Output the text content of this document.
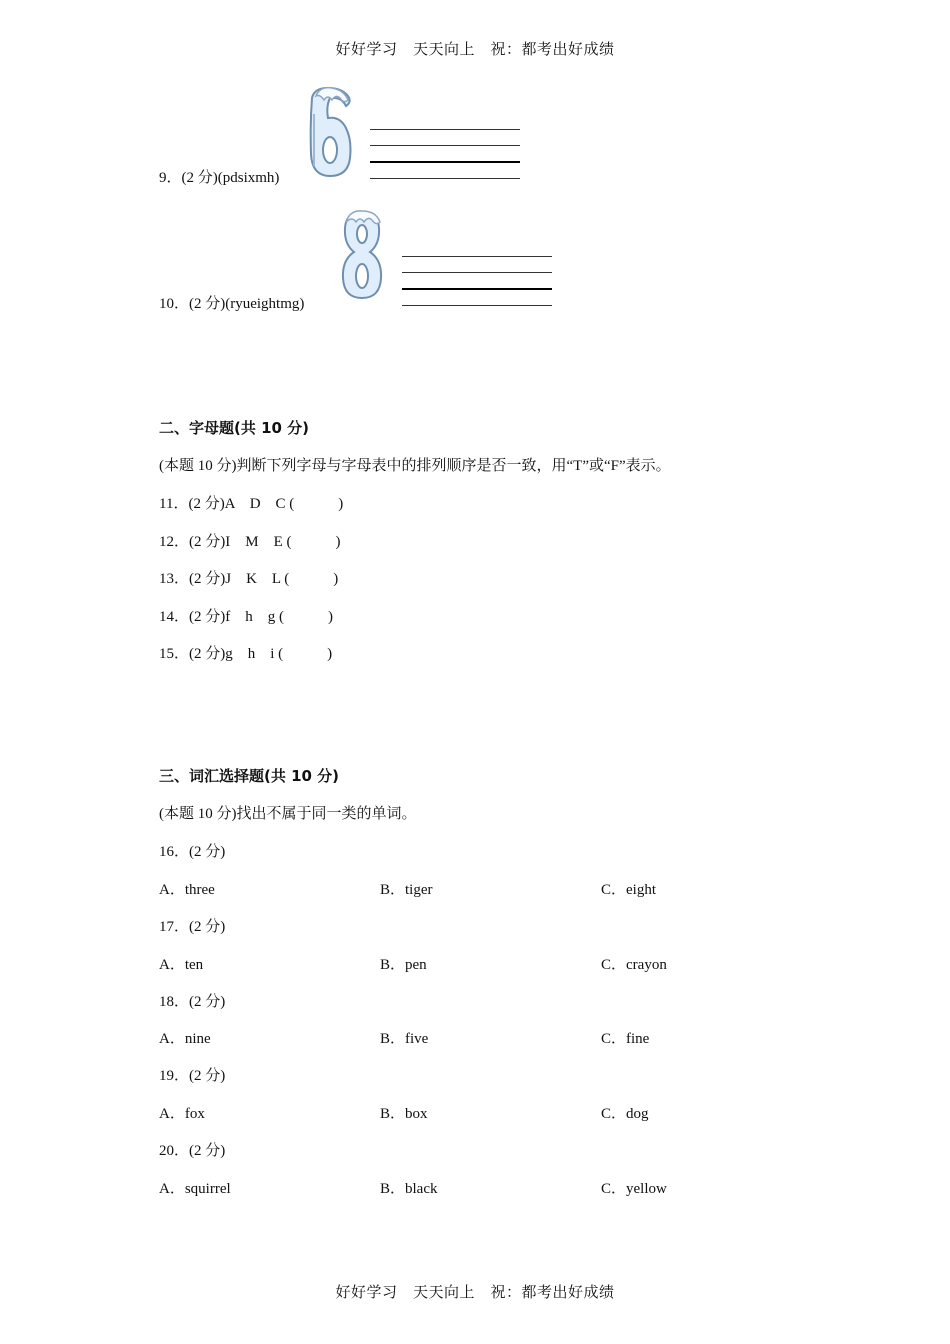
好好学习　天天向上　祝：都考出好成绩
9．(2 分)(pdsixmh)
10．(2 分)(ryueightmg)
二、字母题(共 10 分)
(本题 10 分)判断下列字母与字母表中的排列顺序是否一致，用“T”或“F”表示。
11．(2 分)A　D　C (	)
12．(2 分)I　M　E (	)
13．(2 分)J　K　L (	)
14．(2 分)f　h　g (	)
15．(2 分)g　h　i (	)
三、词汇选择题(共 10 分)
(本题 10 分)找出不属于同一类的单词。
16．(2 分)
A．three	B．tiger	C．eight
17．(2 分)
A．ten	B．pen	C．crayon
18．(2 分)
A．nine	B．five	C．fine
19．(2 分)
A．fox	B．box	C．dog
20．(2 分)
A．squirrel	B．black	C．yellow
好好学习　天天向上　祝：都考出好成绩
